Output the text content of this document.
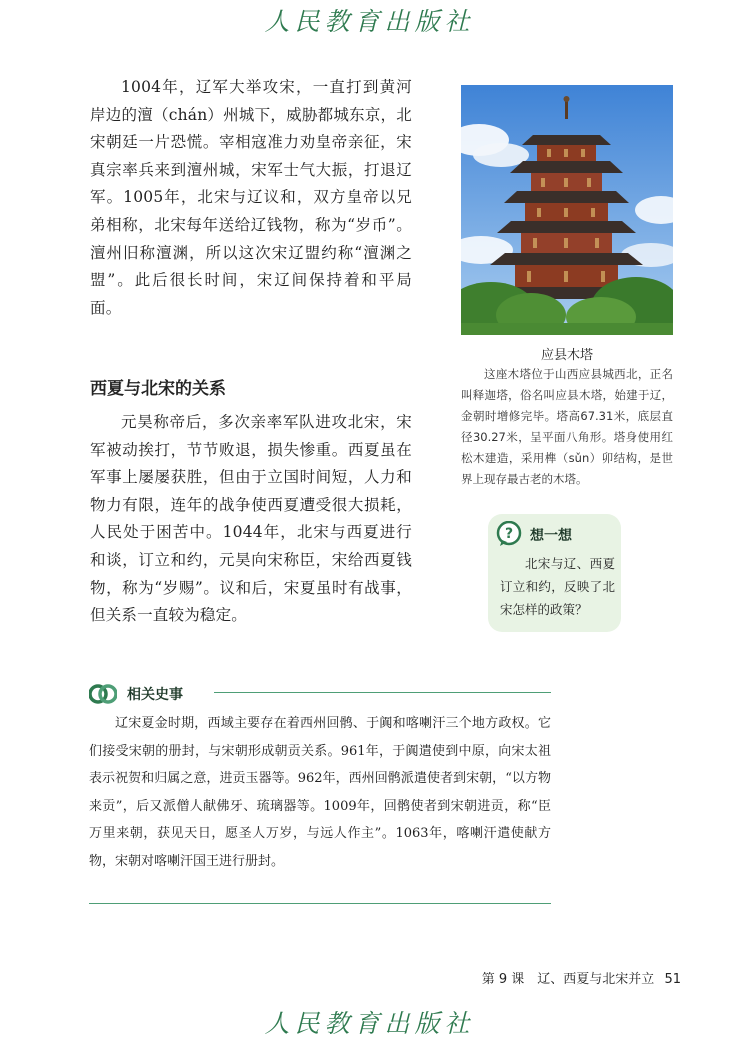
人民教育出版社

1004年，辽军大举攻宋，一直打到黄河岸边的澶（chán）州城下，威胁都城东京，北宋朝廷一片恐慌。宰相寇准力劝皇帝亲征，宋真宗率兵来到澶州城，宋军士气大振，打退辽军。1005年，北宋与辽议和，双方皇帝以兄弟相称，北宋每年送给辽钱物，称为“岁币”。澶州旧称澶渊，所以这次宋辽盟约称“澶渊之盟”。此后很长时间，宋辽间保持着和平局面。

西夏与北宋的关系

元昊称帝后，多次亲率军队进攻北宋，宋军被动挨打，节节败退，损失惨重。西夏虽在军事上屡屡获胜，但由于立国时间短，人力和物力有限，连年的战争使西夏遭受很大损耗，人民处于困苦中。1044年，北宋与西夏进行和谈，订立和约，元昊向宋称臣，宋给西夏钱物，称为“岁赐”。议和后，宋夏虽时有战事，但关系一直较为稳定。

应县木塔

这座木塔位于山西应县城西北，正名叫释迦塔，俗名叫应县木塔，始建于辽，金朝时增修完毕。塔高67.31米，底层直径30.27米，呈平面八角形。塔身使用红松木建造，采用榫（sǔn）卯结构，是世界上现存最古老的木塔。

? 想一想

北宋与辽、西夏订立和约，反映了北宋怎样的政策？

相关史事

辽宋夏金时期，西域主要存在着西州回鹘、于阗和喀喇汗三个地方政权。它们接受宋朝的册封，与宋朝形成朝贡关系。961年，于阗遣使到中原，向宋太祖表示祝贺和归属之意，进贡玉器等。962年，西州回鹘派遣使者到宋朝，“以方物来贡”，后又派僧人献佛牙、琉璃器等。1009年，回鹘使者到宋朝进贡，称“臣万里来朝，获见天日，愿圣人万岁，与远人作主”。1063年，喀喇汗遣使献方物，宋朝对喀喇汗国王进行册封。

第 9 课　辽、西夏与北宋并立 51

人民教育出版社
